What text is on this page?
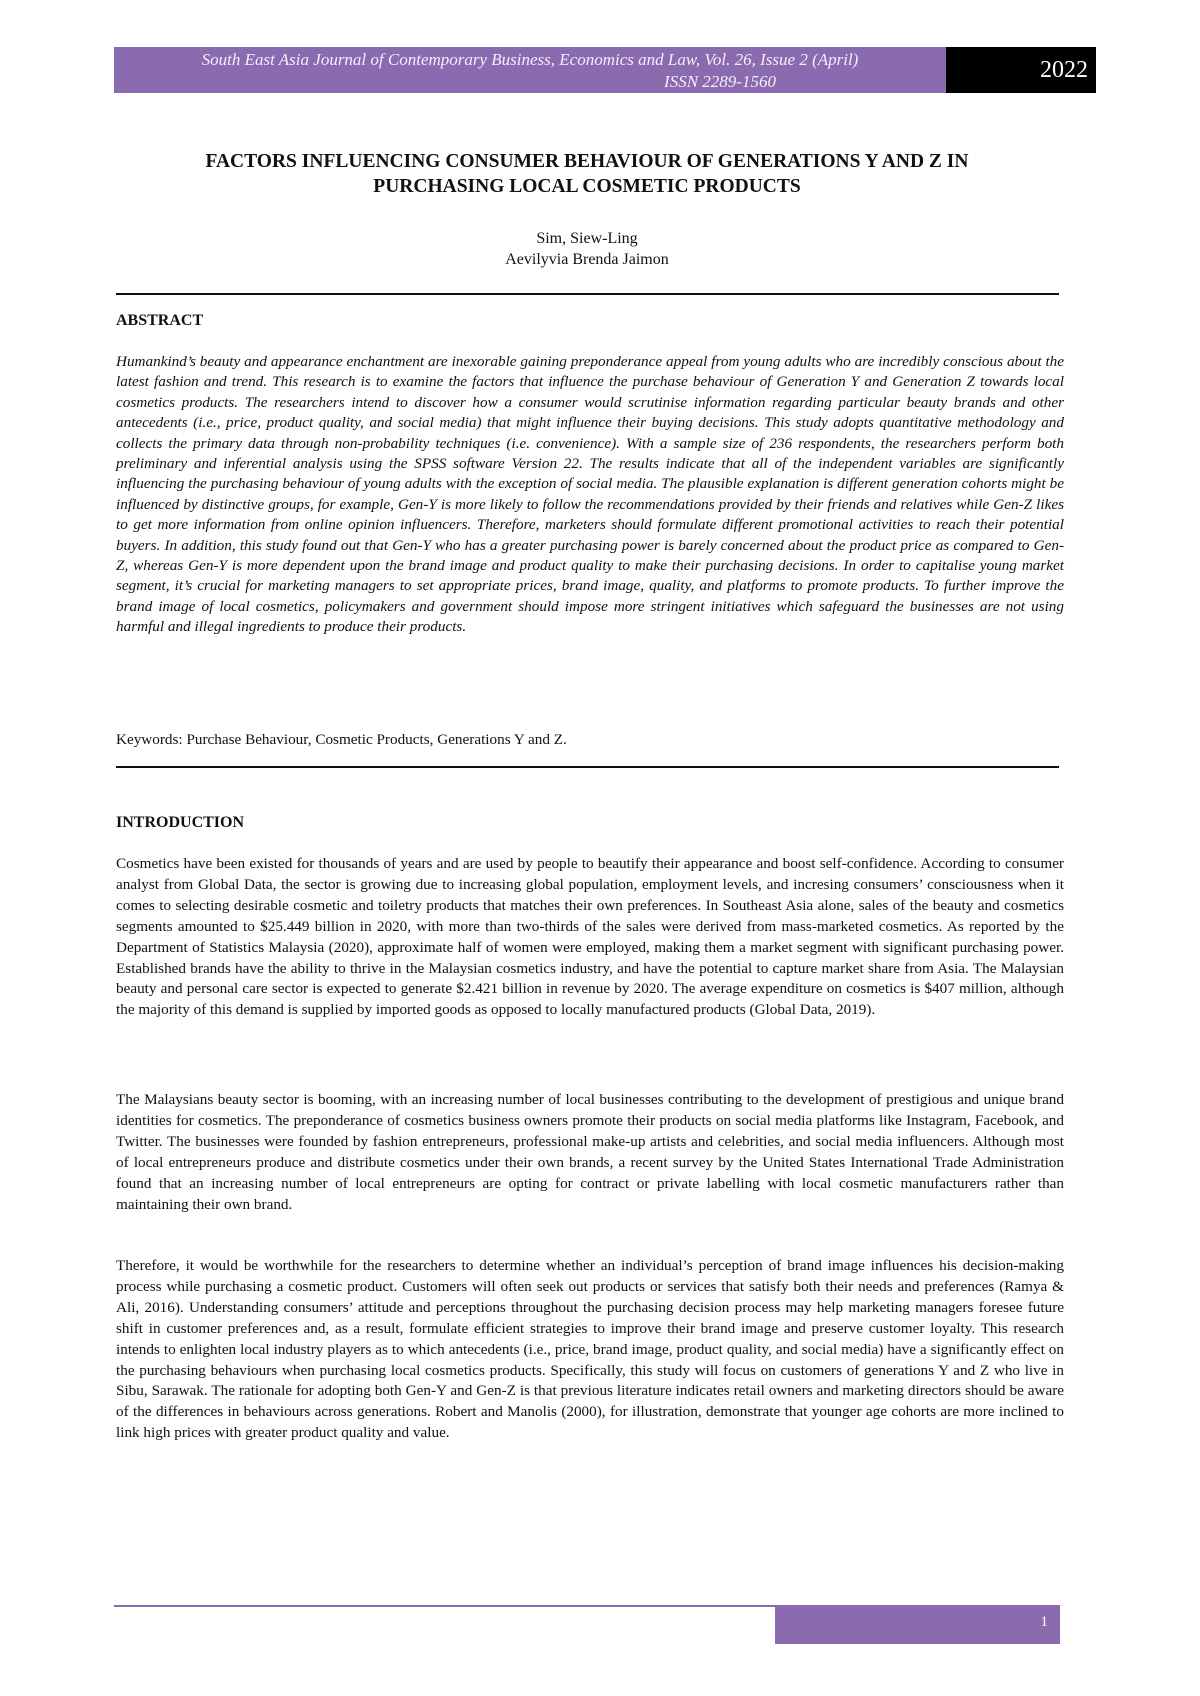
South East Asia Journal of Contemporary Business, Economics and Law, Vol. 26, Issue 2 (April)
ISSN 2289-1560	2022
FACTORS INFLUENCING CONSUMER BEHAVIOUR OF GENERATIONS Y AND Z IN
PURCHASING LOCAL COSMETIC PRODUCTS
Sim, Siew-Ling
Aevilyvia Brenda Jaimon
ABSTRACT

Humankind’s beauty and appearance enchantment are inexorable gaining preponderance appeal from young adults who are incredibly conscious about the latest fashion and trend. This research is to examine the factors that influence the purchase behaviour of Generation Y and Generation Z towards local cosmetics products. The researchers intend to discover how a consumer would scrutinise information regarding particular beauty brands and other antecedents (i.e., price, product quality, and social media) that might influence their buying decisions. This study adopts quantitative methodology and collects the primary data through non-probability techniques (i.e. convenience). With a sample size of 236 respondents, the researchers perform both preliminary and inferential analysis using the SPSS software Version 22. The results indicate that all of the independent variables are significantly influencing the purchasing behaviour of young adults with the exception of social media. The plausible explanation is different generation cohorts might be influenced by distinctive groups, for example, Gen-Y is more likely to follow the recommendations provided by their friends and relatives while Gen-Z likes to get more information from online opinion influencers. Therefore, marketers should formulate different promotional activities to reach their potential buyers. In addition, this study found out that Gen-Y who has a greater purchasing power is barely concerned about the product price as compared to Gen-Z, whereas Gen-Y is more dependent upon the brand image and product quality to make their purchasing decisions. In order to capitalise young market segment, it’s crucial for marketing managers to set appropriate prices, brand image, quality, and platforms to promote products. To further improve the brand image of local cosmetics, policymakers and government should impose more stringent initiatives which safeguard the businesses are not using harmful and illegal ingredients to produce their products.

Keywords: Purchase Behaviour, Cosmetic Products, Generations Y and Z.

INTRODUCTION

Cosmetics have been existed for thousands of years and are used by people to beautify their appearance and boost self-confidence. According to consumer analyst from Global Data, the sector is growing due to increasing global population, employment levels, and incresing consumers’ consciousness when it comes to selecting desirable cosmetic and toiletry products that matches their own preferences. In Southeast Asia alone, sales of the beauty and cosmetics segments amounted to $25.449 billion in 2020, with more than two-thirds of the sales were derived from mass-marketed cosmetics. As reported by the Department of Statistics Malaysia (2020), approximate half of women were employed, making them a market segment with significant purchasing power. Established brands have the ability to thrive in the Malaysian cosmetics industry, and have the potential to capture market share from Asia. The Malaysian beauty and personal care sector is expected to generate $2.421 billion in revenue by 2020. The average expenditure on cosmetics is $407 million, although the majority of this demand is supplied by imported goods as opposed to locally manufactured products (Global Data, 2019).

The Malaysians beauty sector is booming, with an increasing number of local businesses contributing to the development of prestigious and unique brand identities for cosmetics. The preponderance of cosmetics business owners promote their products on social media platforms like Instagram, Facebook, and Twitter. The businesses were founded by fashion entrepreneurs, professional make-up artists and celebrities, and social media influencers. Although most of local entrepreneurs produce and distribute cosmetics under their own brands, a recent survey by the United States International Trade Administration found that an increasing number of local entrepreneurs are opting for contract or private labelling with local cosmetic manufacturers rather than maintaining their own brand.

Therefore, it would be worthwhile for the researchers to determine whether an individual’s perception of brand image influences his decision-making process while purchasing a cosmetic product. Customers will often seek out products or services that satisfy both their needs and preferences (Ramya & Ali, 2016). Understanding consumers’ attitude and perceptions throughout the purchasing decision process may help marketing managers foresee future shift in customer preferences and, as a result, formulate efficient strategies to improve their brand image and preserve customer loyalty. This research intends to enlighten local industry players as to which antecedents (i.e., price, brand image, product quality, and social media) have a significantly effect on the purchasing behaviours when purchasing local cosmetics products. Specifically, this study will focus on customers of generations Y and Z who live in Sibu, Sarawak. The rationale for adopting both Gen-Y and Gen-Z is that previous literature indicates retail owners and marketing directors should be aware of the differences in behaviours across generations. Robert and Manolis (2000), for illustration, demonstrate that younger age cohorts are more inclined to link high prices with greater product quality and value.

1
